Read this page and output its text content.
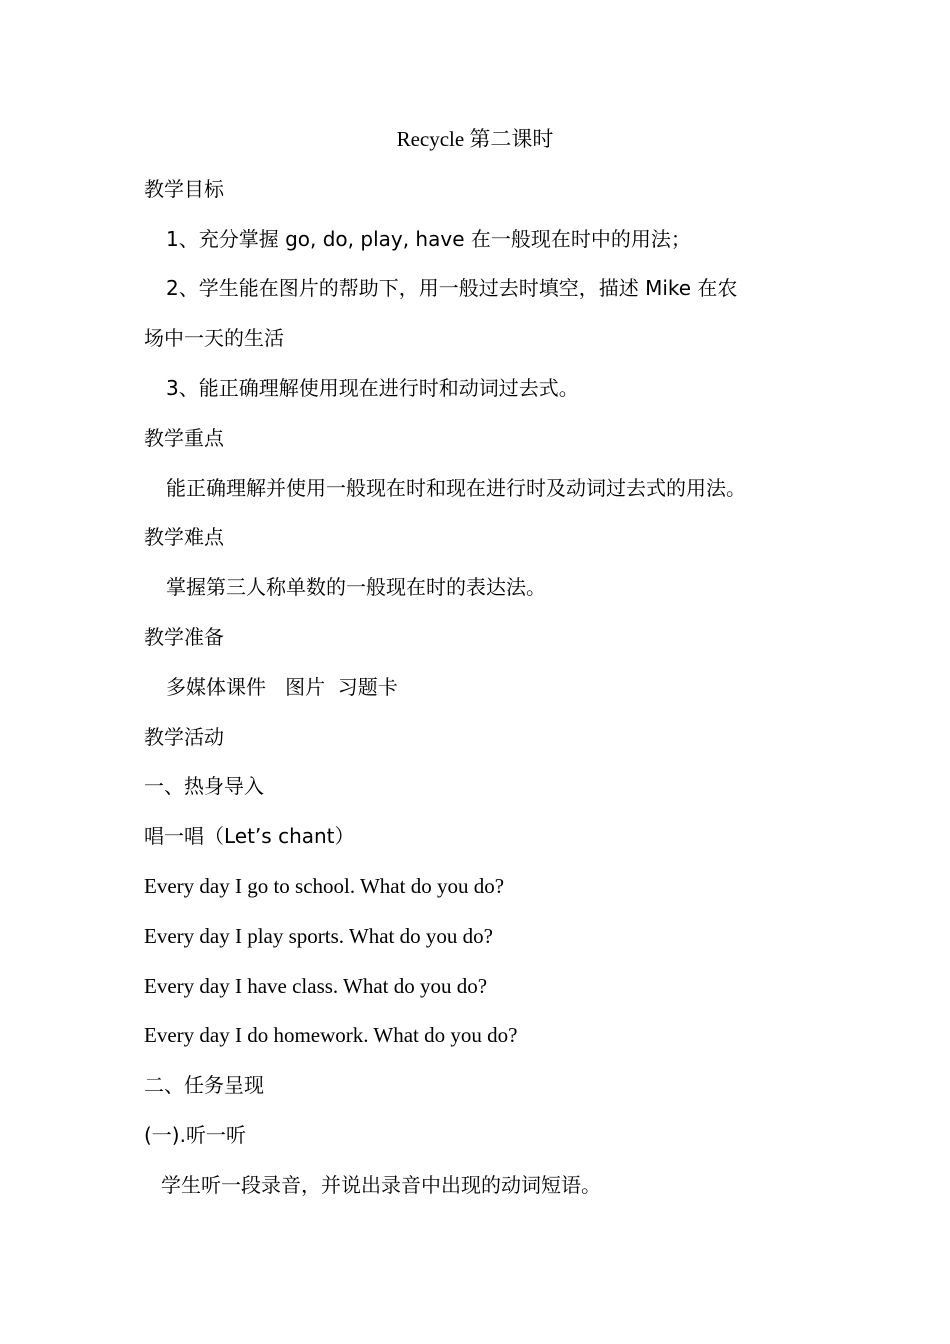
Recycle 第二课时
教学目标
1、充分掌握 go, do, play, have 在一般现在时中的用法；
2、学生能在图片的帮助下，用一般过去时填空，描述 Mike 在农
场中一天的生活
3、能正确理解使用现在进行时和动词过去式。
教学重点
能正确理解并使用一般现在时和现在进行时及动词过去式的用法。
教学难点
掌握第三人称单数的一般现在时的表达法。
教学准备
多媒体课件   图片  习题卡
教学活动
一、热身导入
唱一唱（Let’s chant）
Every day I go to school. What do you do?
Every day I play sports. What do you do?
Every day I have class. What do you do?
Every day I do homework. What do you do?
二、任务呈现
(一).听一听
学生听一段录音，并说出录音中出现的动词短语。
